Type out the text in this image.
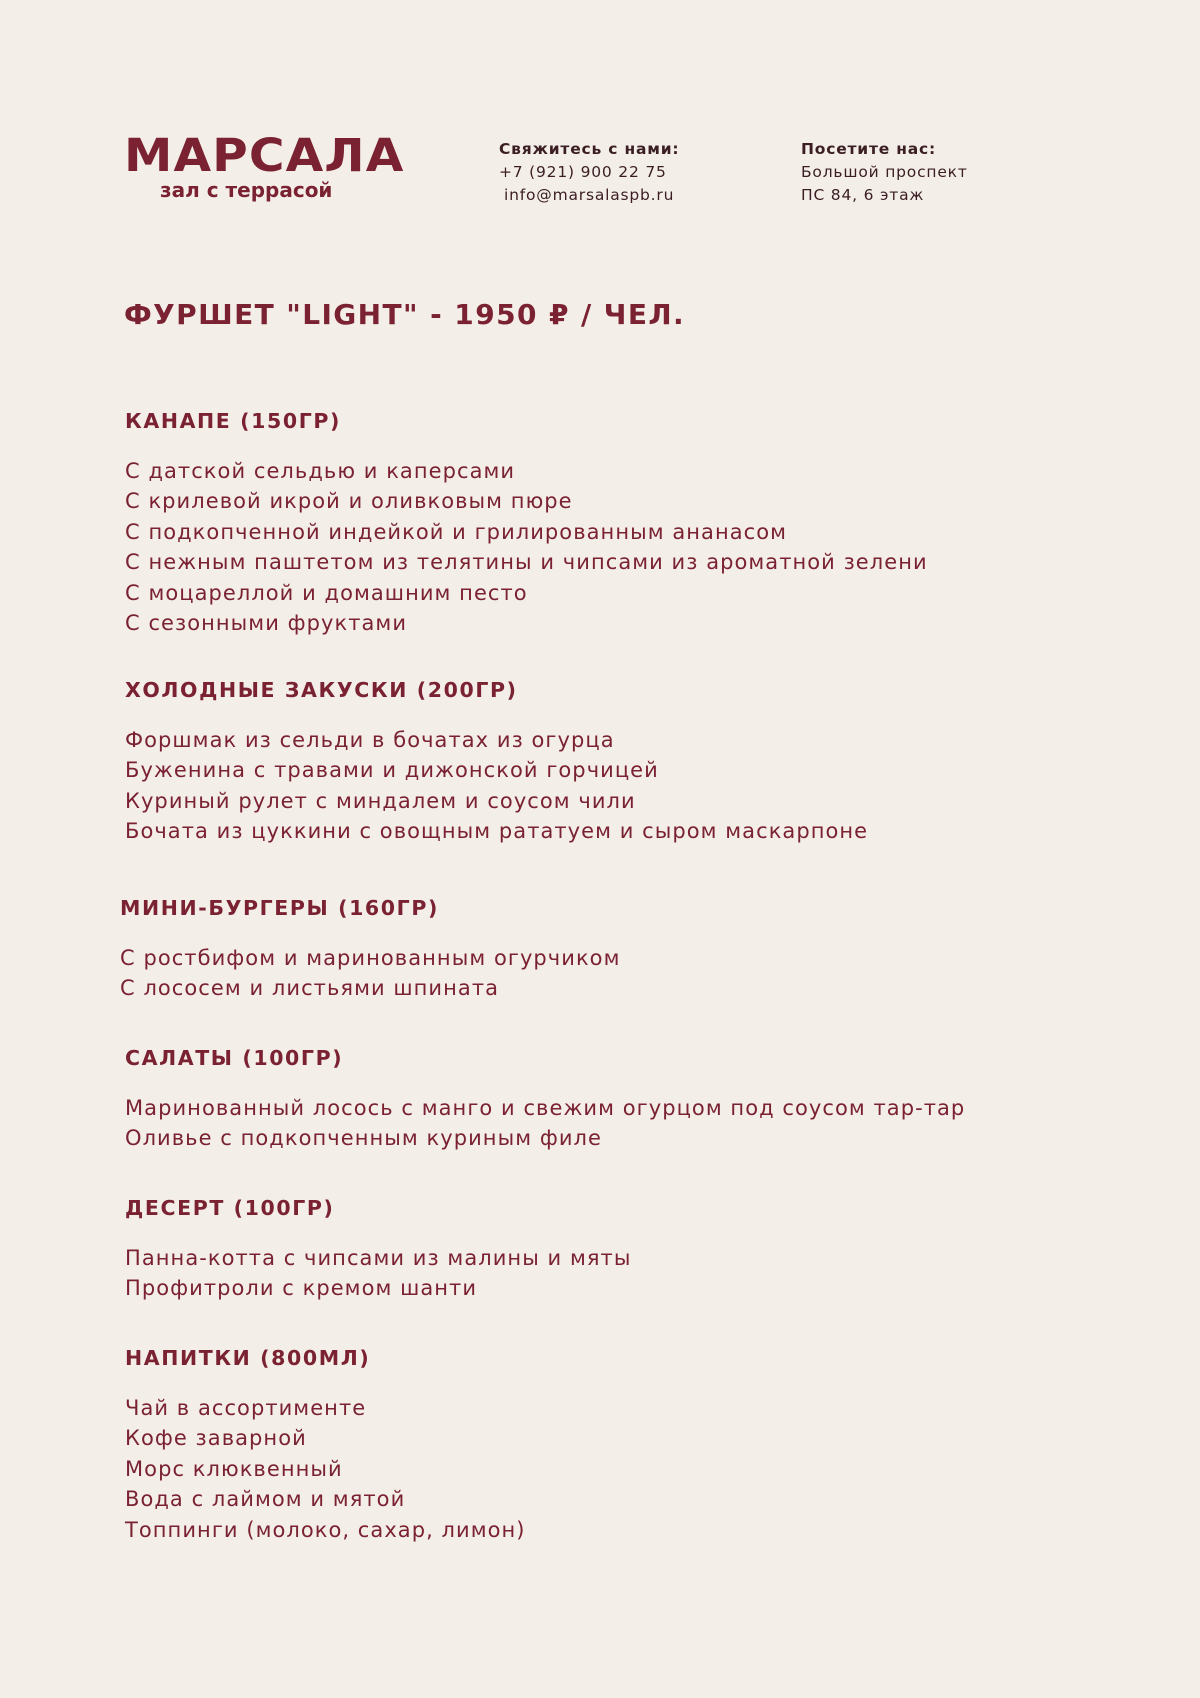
МАРСАЛА
зал с террасой
Свяжитесь с нами:
+7 (921) 900 22 75
info@marsalaspb.ru
Посетите нас:
Большой проспект
ПС 84, 6 этаж
ФУРШЕТ "LIGHT" - 1950 ₽ / ЧЕЛ.
КАНАПЕ (150ГР)
С датской сельдью и каперсами
С крилевой икрой и оливковым пюре
С подкопченной индейкой и грилированным ананасом
С нежным паштетом из телятины и чипсами из ароматной зелени
С моцареллой и домашним песто
С сезонными фруктами
ХОЛОДНЫЕ ЗАКУСКИ (200ГР)
Форшмак из сельди в бочатах из огурца
Буженина с травами и дижонской горчицей
Куриный рулет с миндалем и соусом чили
Бочата из цуккини с овощным рататуем и сыром маскарпоне
МИНИ-БУРГЕРЫ (160ГР)
С ростбифом и маринованным огурчиком
С лососем и листьями шпината
САЛАТЫ (100ГР)
Маринованный лосось с манго и свежим огурцом под соусом тар-тар
Оливье с подкопченным куриным филе
ДЕСЕРТ (100ГР)
Панна-котта с чипсами из малины и мяты
Профитроли с кремом шанти
НАПИТКИ (800МЛ)
Чай в ассортименте
Кофе заварной
Морс клюквенный
Вода с лаймом и мятой
Топпинги (молоко, сахар, лимон)
